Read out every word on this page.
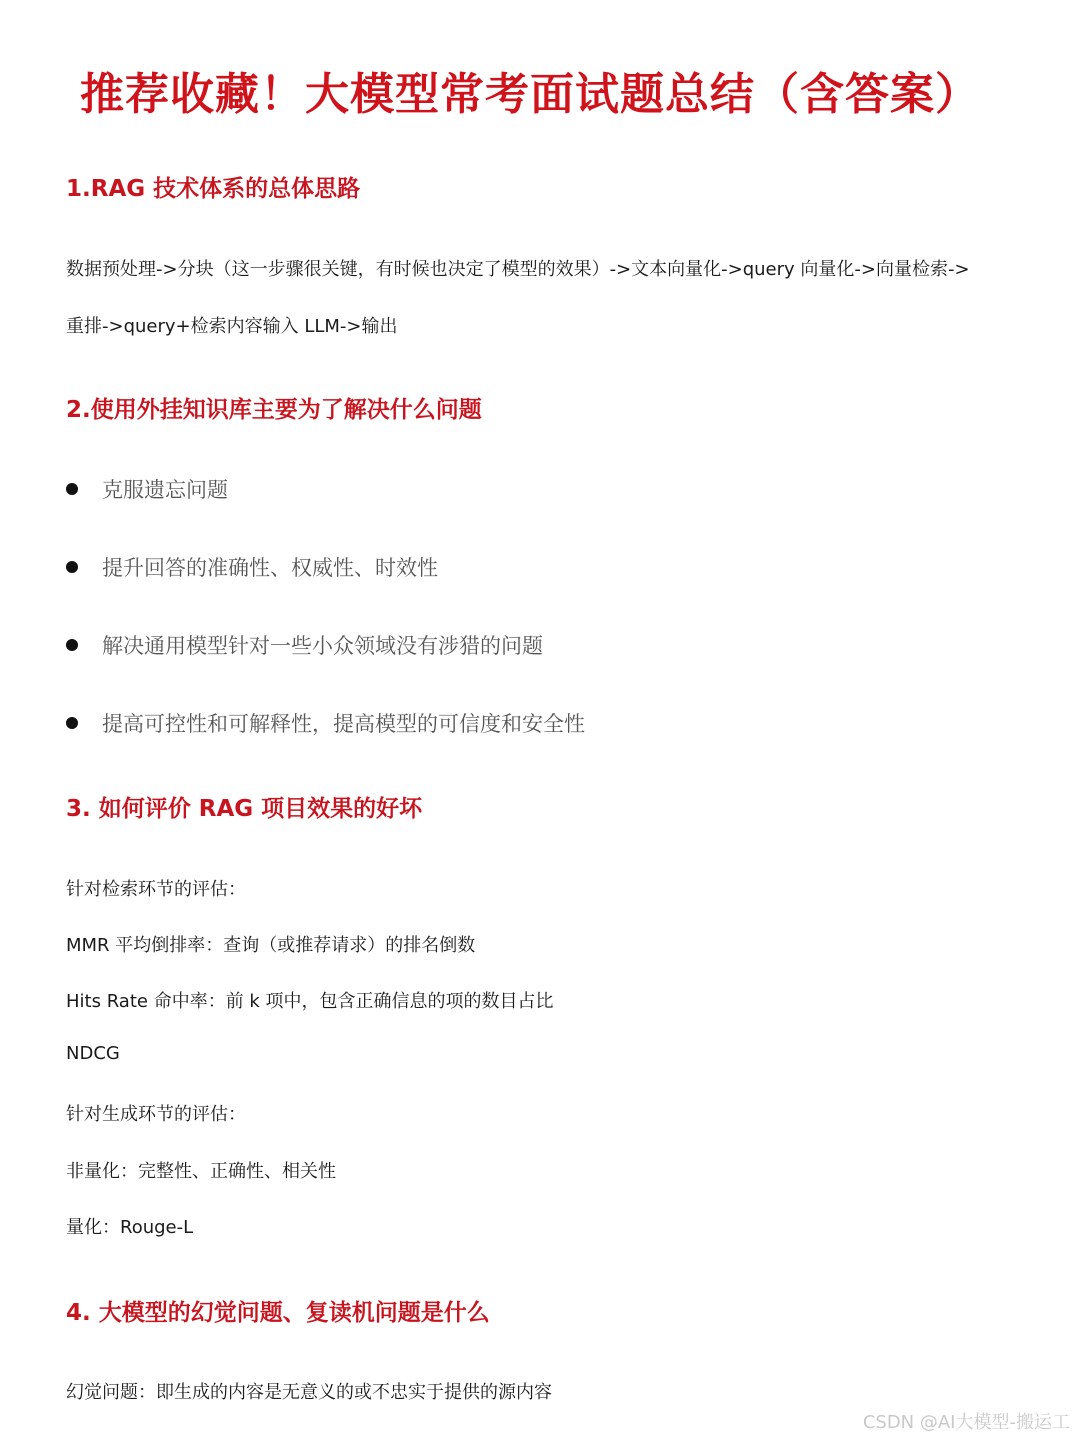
推荐收藏！大模型常考面试题总结（含答案）
1.RAG 技术体系的总体思路
数据预处理->分块（这一步骤很关键，有时候也决定了模型的效果）->文本向量化->query 向量化->向量检索->
重排->query+检索内容输入 LLM->输出
2.使用外挂知识库主要为了解决什么问题
克服遗忘问题
提升回答的准确性、权威性、时效性
解决通用模型针对一些小众领域没有涉猎的问题
提高可控性和可解释性，提高模型的可信度和安全性
3. 如何评价 RAG 项目效果的好坏
针对检索环节的评估：
MMR 平均倒排率：查询（或推荐请求）的排名倒数
Hits Rate 命中率：前 k 项中，包含正确信息的项的数目占比
NDCG
针对生成环节的评估：
非量化：完整性、正确性、相关性
量化：Rouge-L
4. 大模型的幻觉问题、复读机问题是什么
幻觉问题：即生成的内容是无意义的或不忠实于提供的源内容
CSDN @AI大模型-搬运工
